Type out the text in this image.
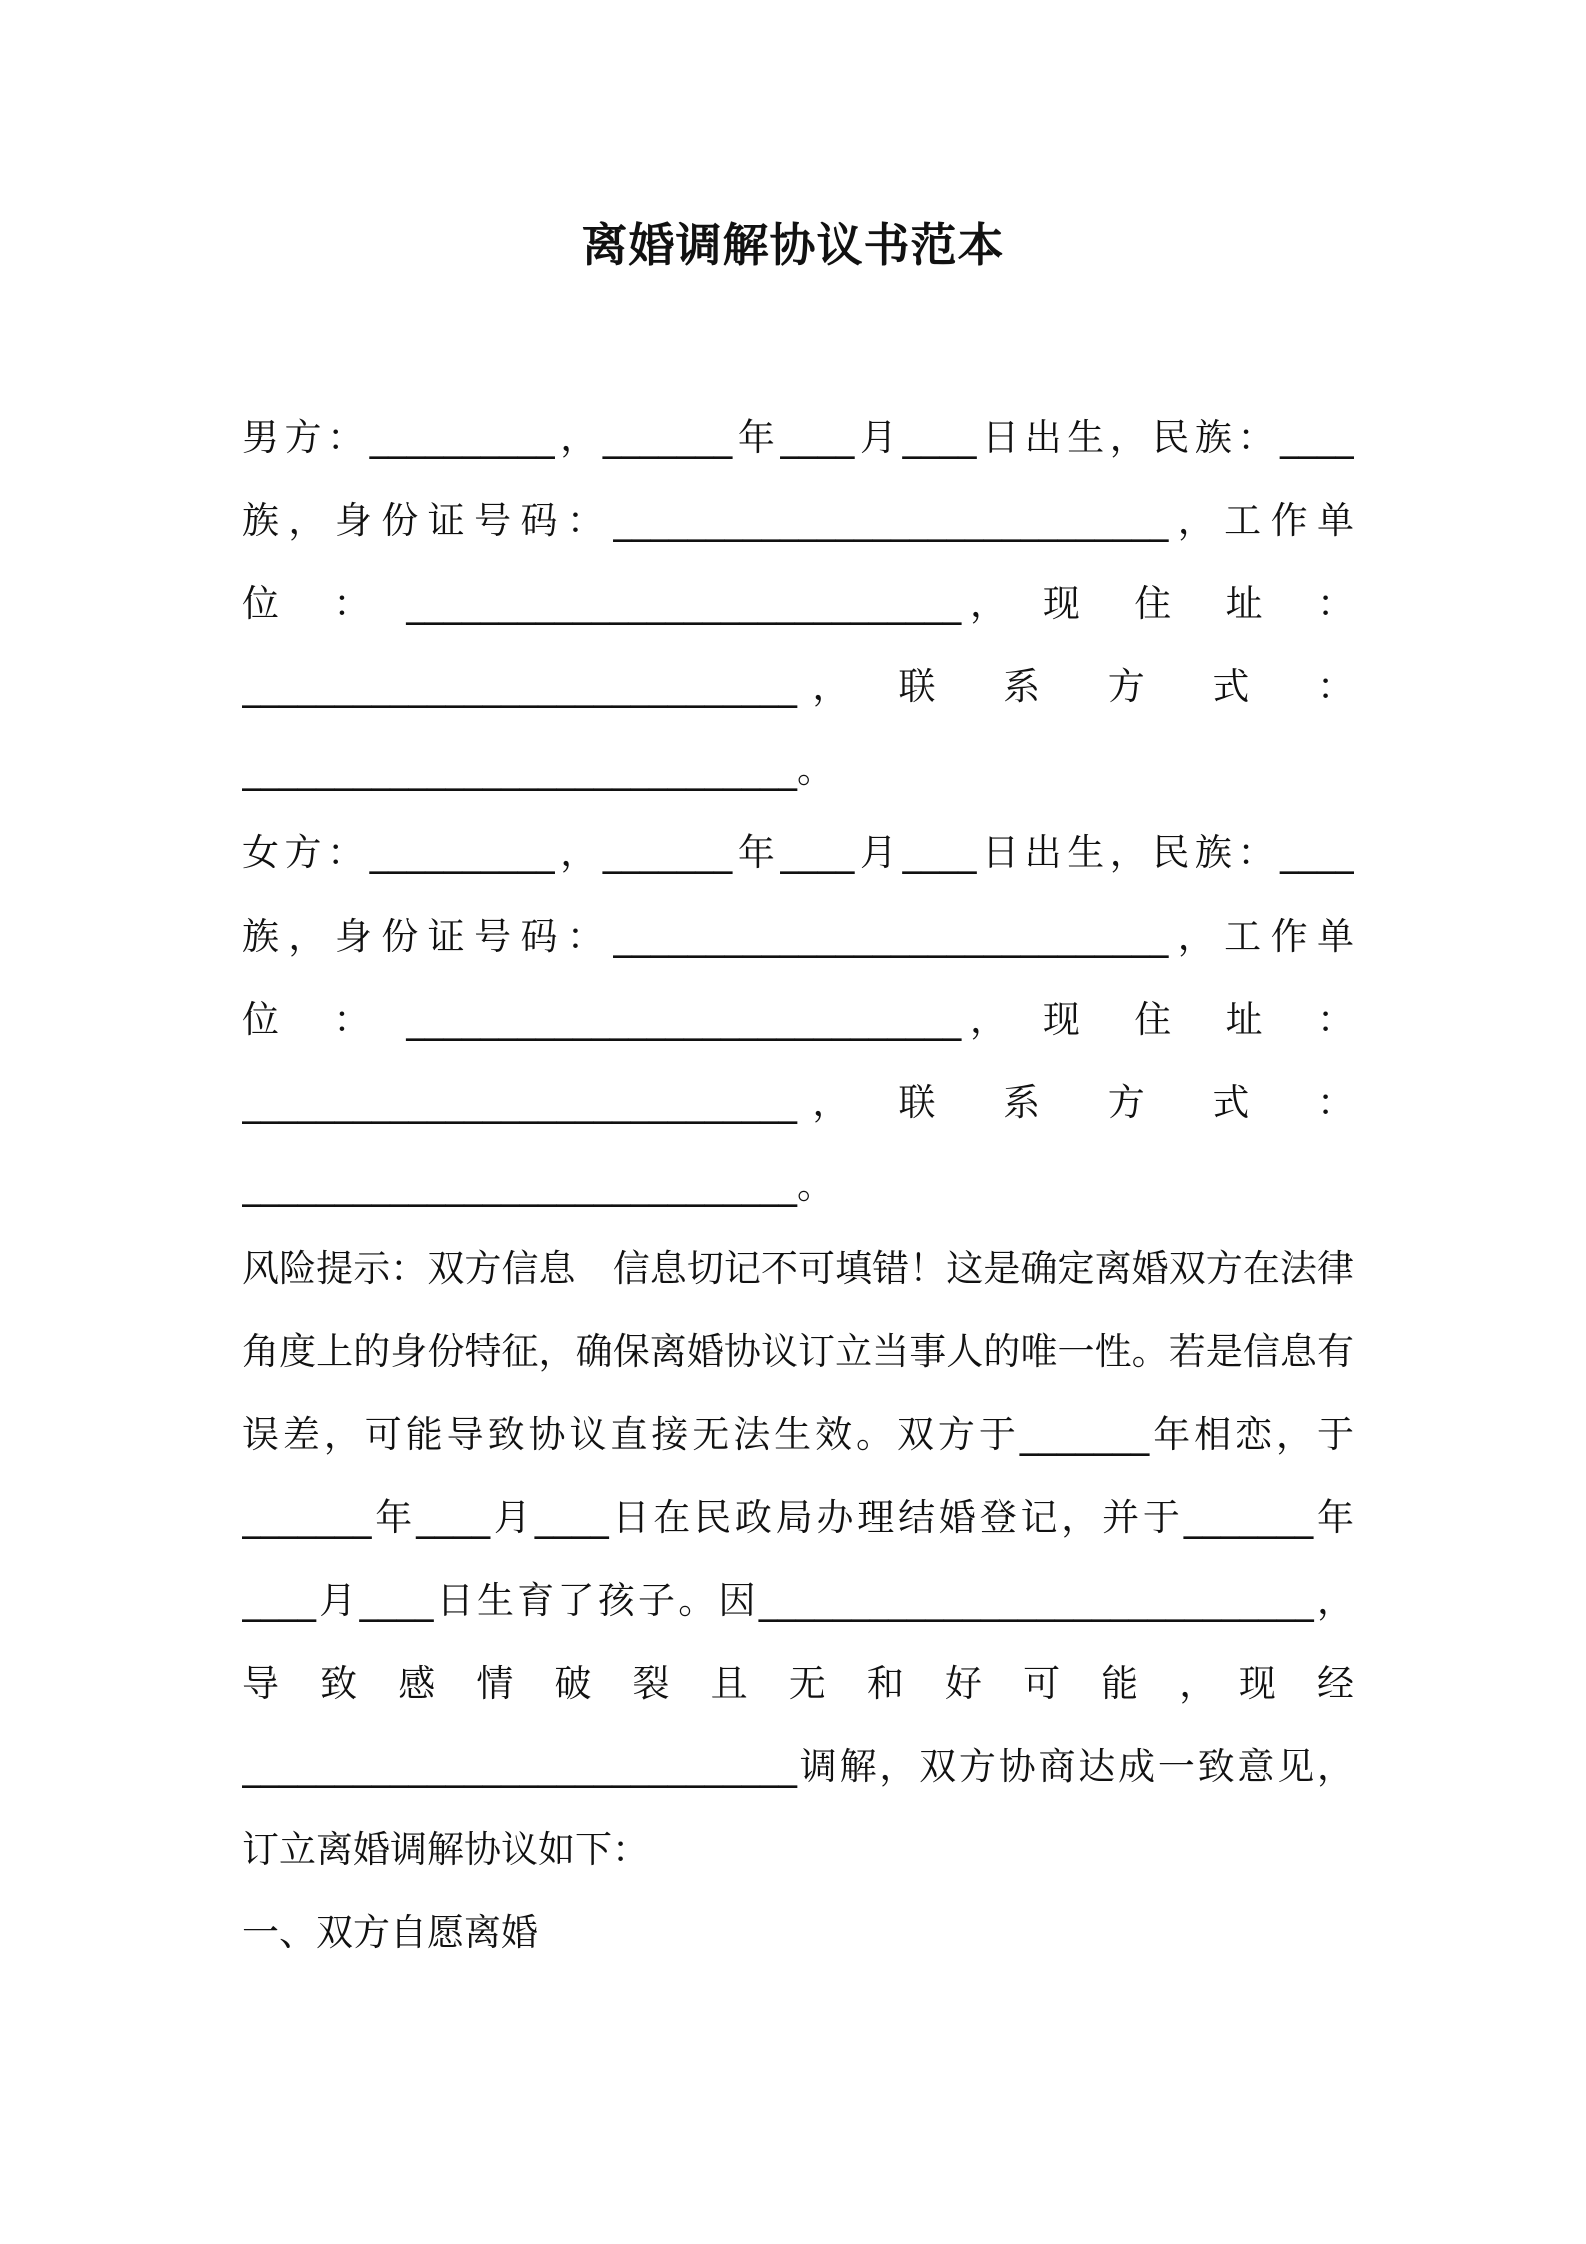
离婚调解协议书范本
男方：__________，_______年____月____日出生，民族：____
族，身份证号码：______________________________，工作单
位　：　______________________________，　现　住　址　：
______________________________，　联　系　方　式　：
______________________________。
女方：__________，_______年____月____日出生，民族：____
族，身份证号码：______________________________，工作单
位　：　______________________________，　现　住　址　：
______________________________，　联　系　方　式　：
______________________________。
风险提示：双方信息　信息切记不可填错！这是确定离婚双方在法律
角度上的身份特征，确保离婚协议订立当事人的唯一性。若是信息有
误差，可能导致协议直接无法生效。双方于_______年相恋，于
_______年____月____日在民政局办理结婚登记，并于_______年
____月____日生育了孩子。因______________________________，
导　致　感　情　破　裂　且　无　和　好　可　能　，　现　经
______________________________调解，双方协商达成一致意见，
订立离婚调解协议如下：
一、双方自愿离婚
